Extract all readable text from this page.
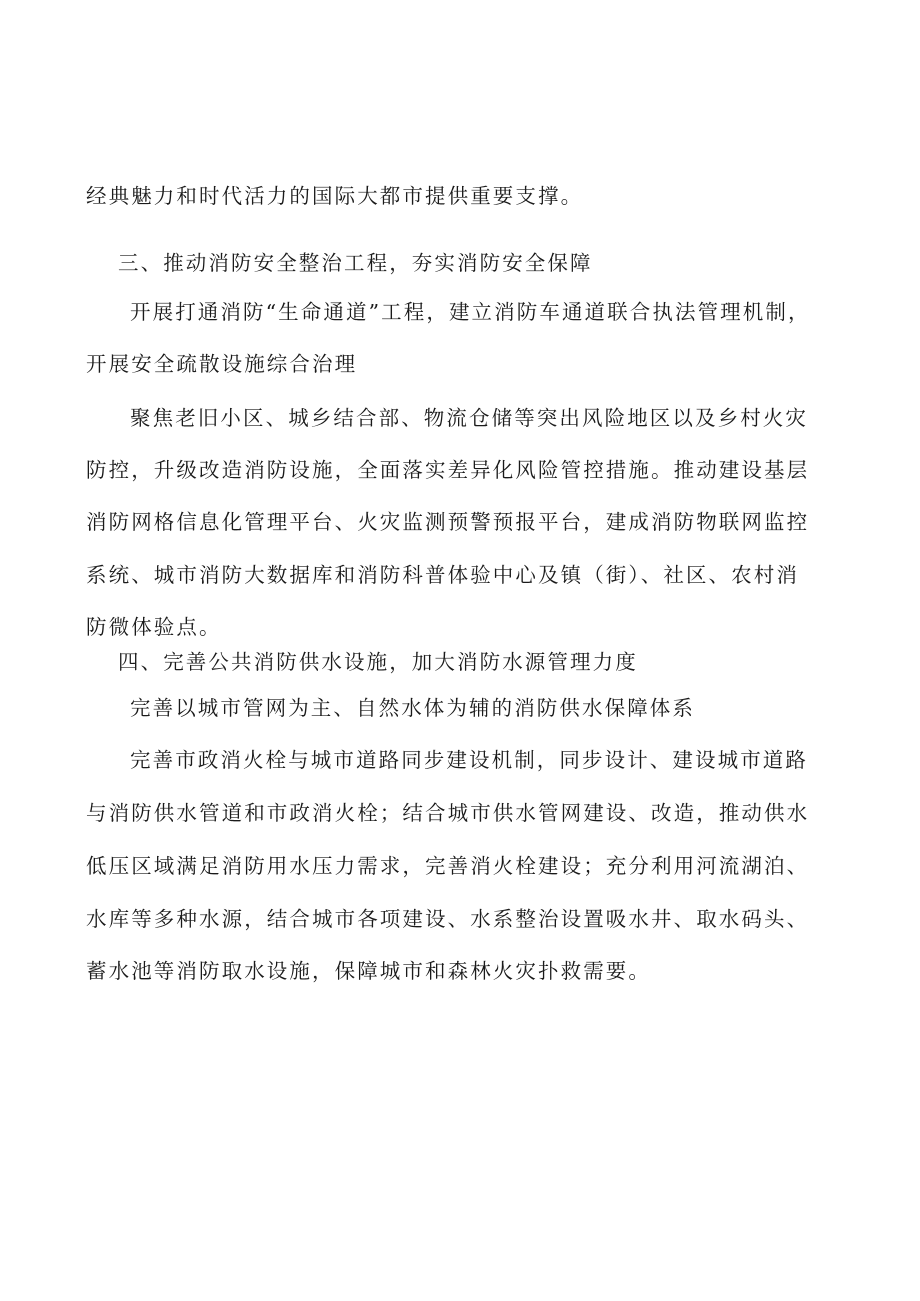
经典魅力和时代活力的国际大都市提供重要支撑。
三、推动消防安全整治工程，夯实消防安全保障
开展打通消防“生命通道”工程，建立消防车通道联合执法管理机制，
开展安全疏散设施综合治理
聚焦老旧小区、城乡结合部、物流仓储等突出风险地区以及乡村火灾
防控，升级改造消防设施，全面落实差异化风险管控措施。推动建设基层
消防网格信息化管理平台、火灾监测预警预报平台，建成消防物联网监控
系统、城市消防大数据库和消防科普体验中心及镇（街）、社区、农村消
防微体验点。
四、完善公共消防供水设施，加大消防水源管理力度
完善以城市管网为主、自然水体为辅的消防供水保障体系
完善市政消火栓与城市道路同步建设机制，同步设计、建设城市道路
与消防供水管道和市政消火栓；结合城市供水管网建设、改造，推动供水
低压区域满足消防用水压力需求，完善消火栓建设；充分利用河流湖泊、
水库等多种水源，结合城市各项建设、水系整治设置吸水井、取水码头、
蓄水池等消防取水设施，保障城市和森林火灾扑救需要。
